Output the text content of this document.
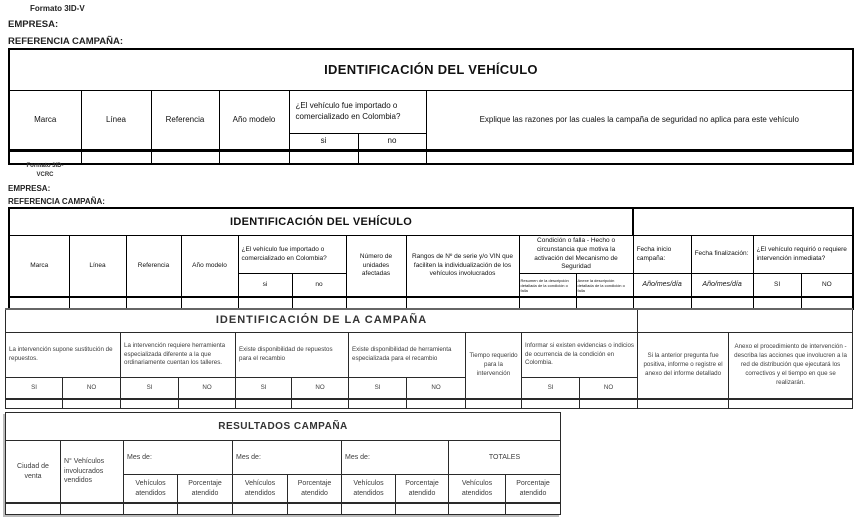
Formato 3ID-V
EMPRESA:
REFERENCIA CAMPAÑA:
IDENTIFICACIÓN DEL VEHÍCULO						
Marca	Línea	Referencia	Año modelo	¿El vehículo fue importado o comercializado en Colombia?		Explique las razones por las cuales la campaña de seguridad no aplica para este vehículo
				si	no	

Formato 3ID-
VCRC
EMPRESA:
REFERENCIA CAMPAÑA:
IDENTIFICACIÓN DEL VEHÍCULO													
Marca	Línea	Referencia	Año modelo	¿El vehículo fue importado o comercializado en Colombia?		Número de unidades afectadas	Rangos de Nº de serie y/o VIN que faciliten la individualización de los vehículos involucrados	Condición o falla - Hecho o circunstancia que motiva la activación del Mecanismo de Seguridad		Fecha inicio campaña:	Fecha finalización:	¿El vehículo requirió o requiere intervención inmediata?	
				si	no			Resumen de la descripción detallada de la condición o falla	Anexe la descripción detallada de la condición o falla	Año/mes/día	Año/mes/día	SI	NO

IDENTIFICACIÓN DE LA CAMPAÑA												
La intervención supone sustitución de repuestos.		La intervención requiere herramienta especializada diferente a la que ordinariamente cuentan los talleres.		Existe disponibilidad de repuestos para el recambio		Existe disponibilidad de herramienta especializada para el recambio		Tiempo requerido para la intervención	Informar si existen evidencias o indicios de ocurrencia de la condición en Colombia.		Si la anterior pregunta fue positiva, informe o registre el anexo del informe detallado	Anexo el procedimiento de intervención - describa las acciones que involucren a la red de distribución que ejecutará los correctivos y el tiempo en que se realizarán.
SI	NO	SI	NO	SI	NO	SI	NO		SI	NO		

RESULTADOS CAMPAÑA									
Ciudad de venta	N° Vehículos involucrados vendidos	Mes de:		Mes de:		Mes de:		TOTALES	
		Vehículos atendidos	Porcentaje atendido	Vehículos atendidos	Porcentaje atendido	Vehículos atendidos	Porcentaje atendido	Vehículos atendidos	Porcentaje atendido
